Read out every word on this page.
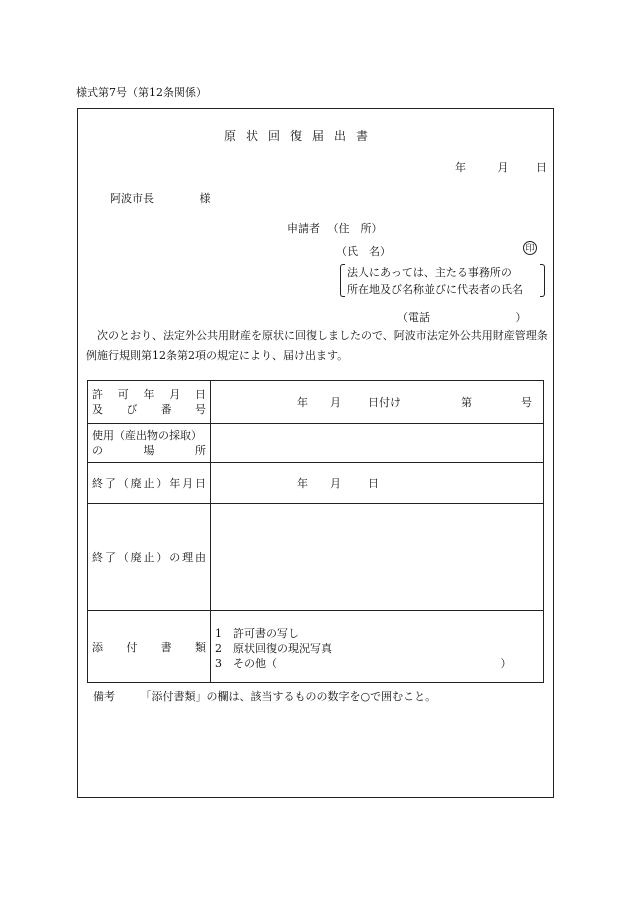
様式第7号（第12条関係）
原状回復届出書
年	月	日
阿波市長	様
申請者 （住　所）
（氏　名）	印
法人にあっては、主たる事務所の
所在地及び名称並びに代表者の氏名
（電話	）
次のとおり、法定外公共用財産を原状に回復しましたので、阿波市法定外公共用財産管理条例施行規則第12条第2項の規定により、届け出ます。
許可年月日
及び番号	年 月 日付け 第 号

使用（産出物の採取）
の場所	

終了（廃止）年月日	年 月 日

終了（廃止）の理由	

添付書類	1　許可書の写し
2　原状回復の現況写真
3　その他（ ）
備考 「添付書類」の欄は、該当するものの数字を○で囲むこと。
